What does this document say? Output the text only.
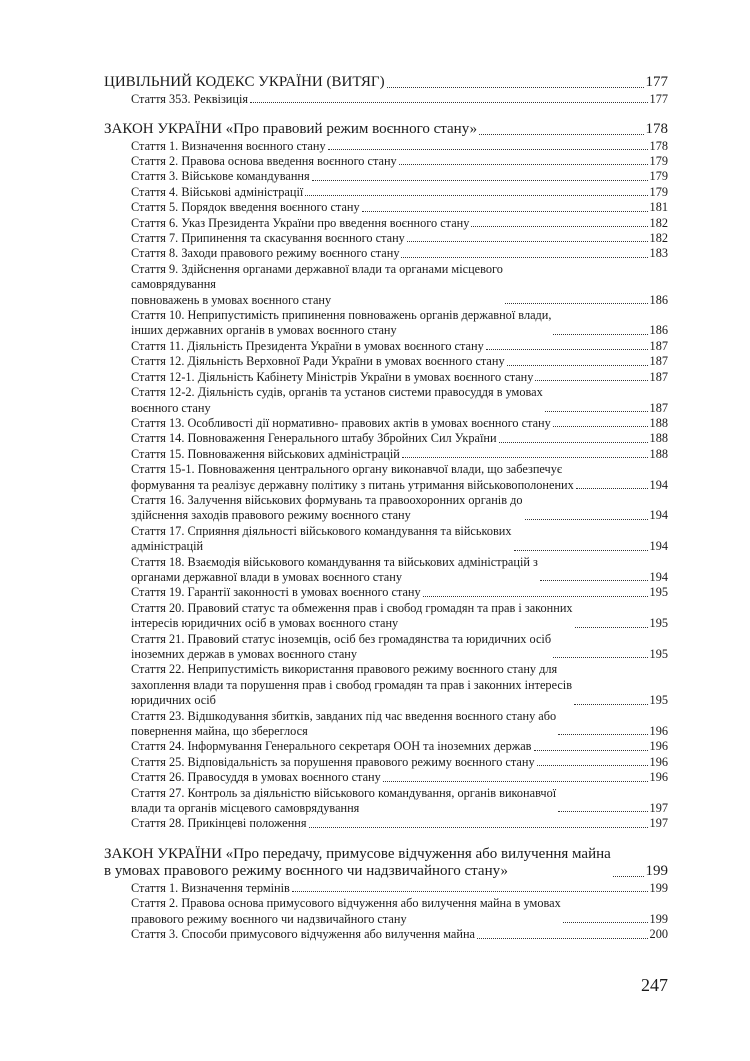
ЦИВІЛЬНИЙ КОДЕКС УКРАЇНИ (ВИТЯГ)	177
Стаття 353. Реквізиція	177
ЗАКОН УКРАЇНИ «Про правовий режим воєнного стану»	178
Стаття 1. Визначення воєнного стану	178
Стаття 2. Правова основа введення воєнного стану	179
Стаття 3. Військове командування	179
Стаття 4. Військові адміністрації	179
Стаття 5. Порядок введення воєнного стану	181
Стаття 6. Указ Президента України про введення воєнного стану	182
Стаття 7. Припинення та скасування воєнного стану	182
Стаття 8. Заходи правового режиму воєнного стану	183
Стаття 9. Здійснення органами державної влади та органами місцевого
самоврядування
повноважень в умовах воєнного стану	186
Стаття 10. Неприпустимість припинення повноважень органів державної влади,
інших державних органів в умовах воєнного стану	186
Стаття 11. Діяльність Президента України в умовах воєнного стану	187
Стаття 12. Діяльність Верховної Ради України в умовах воєнного стану	187
Стаття 12-1. Діяльність Кабінету Міністрів України в умовах воєнного стану	187
Стаття 12-2. Діяльність судів, органів та установ системи правосуддя в умовах
воєнного стану	187
Стаття 13. Особливості дії нормативно- правових актів в умовах воєнного стану	188
Стаття 14. Повноваження Генерального штабу Збройних Сил України	188
Стаття 15. Повноваження військових адміністрацій	188
Стаття 15-1. Повноваження центрального органу виконавчої влади, що забезпечує
формування та реалізує державну політику з питань утримання військовополонених	194
Стаття 16. Залучення військових формувань та правоохоронних органів до
здійснення заходів правового режиму воєнного стану	194
Стаття 17. Сприяння діяльності військового командування та військових
адміністрацій	194
Стаття 18. Взаємодія військового командування та військових адміністрацій з
органами державної влади в умовах воєнного стану	194
Стаття 19. Гарантії законності в умовах воєнного стану	195
Стаття 20. Правовий статус та обмеження прав і свобод громадян та прав і законних
інтересів юридичних осіб в умовах воєнного стану	195
Стаття 21. Правовий статус іноземців, осіб без громадянства та юридичних осіб
іноземних держав в умовах воєнного стану	195
Стаття 22. Неприпустимість використання правового режиму воєнного стану для
захоплення влади та порушення прав і свобод громадян та прав і законних інтересів
юридичних осіб	195
Стаття 23. Відшкодування збитків, завданих під час введення воєнного стану або
повернення майна, що збереглося	196
Стаття 24. Інформування Генерального секретаря ООН та іноземних держав	196
Стаття 25. Відповідальність за порушення правового режиму воєнного стану	196
Стаття 26. Правосуддя в умовах воєнного стану	196
Стаття 27. Контроль за діяльністю військового командування, органів виконавчої
влади та органів місцевого самоврядування	197
Стаття 28. Прикінцеві положення	197
ЗАКОН УКРАЇНИ «Про передачу, примусове відчуження або вилучення майна
в умовах правового режиму воєнного чи надзвичайного стану»	199
Стаття 1. Визначення термінів	199
Стаття 2. Правова основа примусового відчуження або вилучення майна в умовах
правового режиму воєнного чи надзвичайного стану	199
Стаття 3. Способи примусового відчуження або вилучення майна	200
247
